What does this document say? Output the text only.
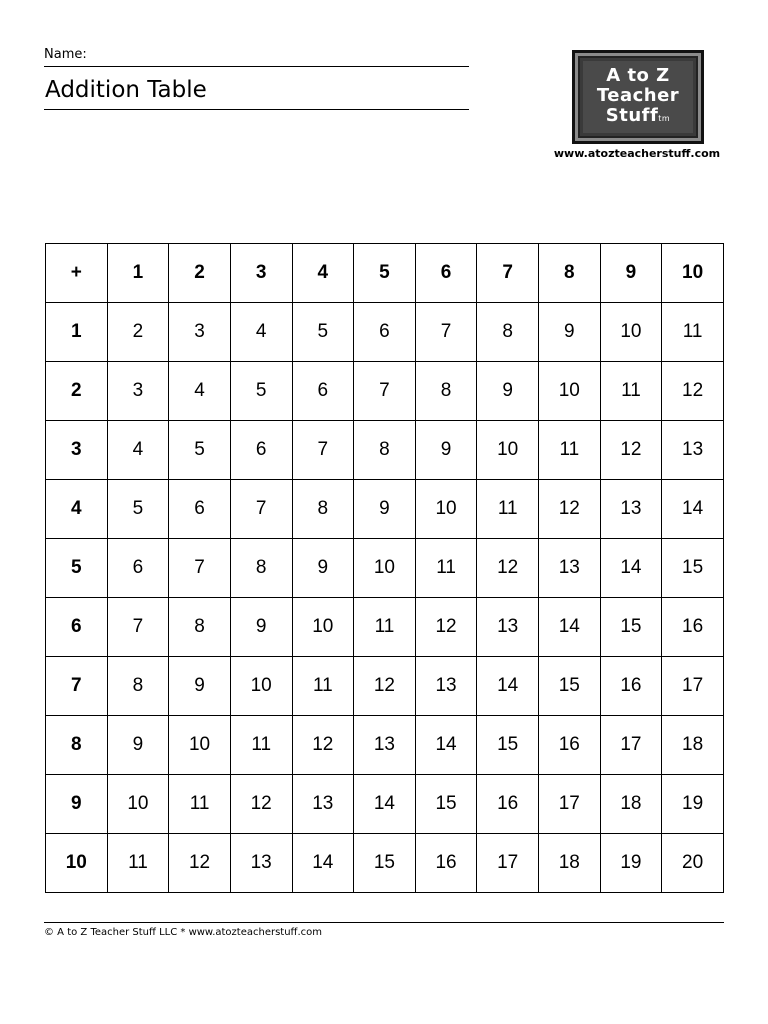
Name:
Addition Table
A to Z
Teacher
Stufftm
www.atozteacherstuff.com
+	1	2	3	4	5	6	7	8	9	10
1	2	3	4	5	6	7	8	9	10	11
2	3	4	5	6	7	8	9	10	11	12
3	4	5	6	7	8	9	10	11	12	13
4	5	6	7	8	9	10	11	12	13	14
5	6	7	8	9	10	11	12	13	14	15
6	7	8	9	10	11	12	13	14	15	16
7	8	9	10	11	12	13	14	15	16	17
8	9	10	11	12	13	14	15	16	17	18
9	10	11	12	13	14	15	16	17	18	19
10	11	12	13	14	15	16	17	18	19	20
© A to Z Teacher Stuff LLC * www.atozteacherstuff.com
